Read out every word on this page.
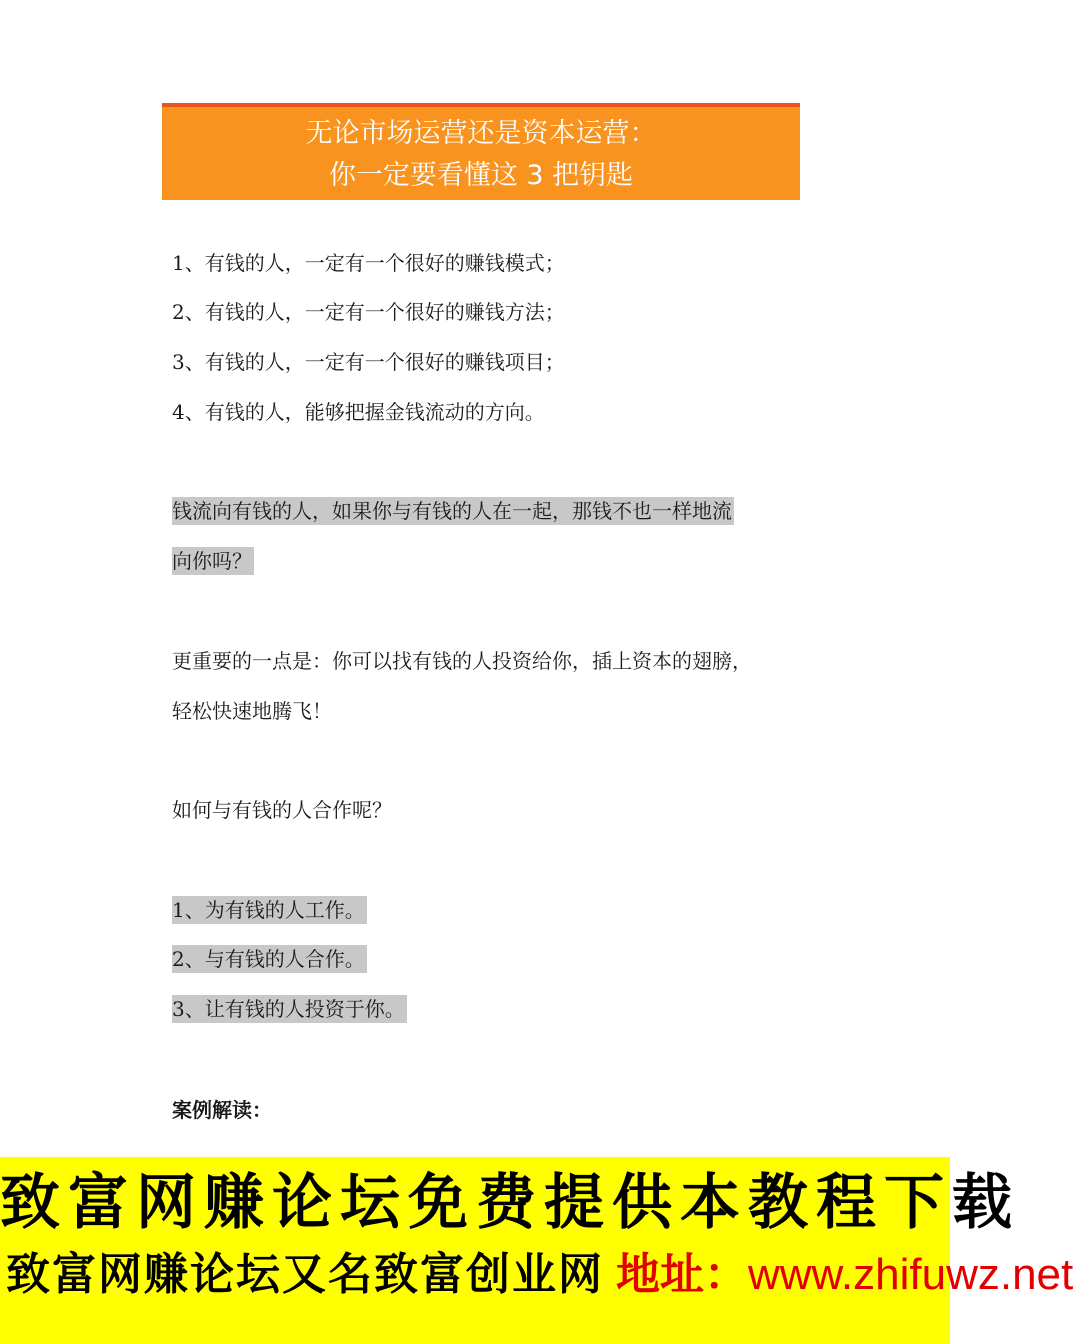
无论市场运营还是资本运营：
你一定要看懂这 3 把钥匙
1、有钱的人，一定有一个很好的赚钱模式；
2、有钱的人，一定有一个很好的赚钱方法；
3、有钱的人，一定有一个很好的赚钱项目；
4、有钱的人，能够把握金钱流动的方向。
钱流向有钱的人，如果你与有钱的人在一起，那钱不也一样地流
向你吗？
更重要的一点是：你可以找有钱的人投资给你，插上资本的翅膀，
轻松快速地腾飞！
如何与有钱的人合作呢？
1、为有钱的人工作。
2、与有钱的人合作。
3、让有钱的人投资于你。
案例解读：
致富网赚论坛免费提供本教程下载
致富网赚论坛又名致富创业网 地址：www.zhifuwz.net
